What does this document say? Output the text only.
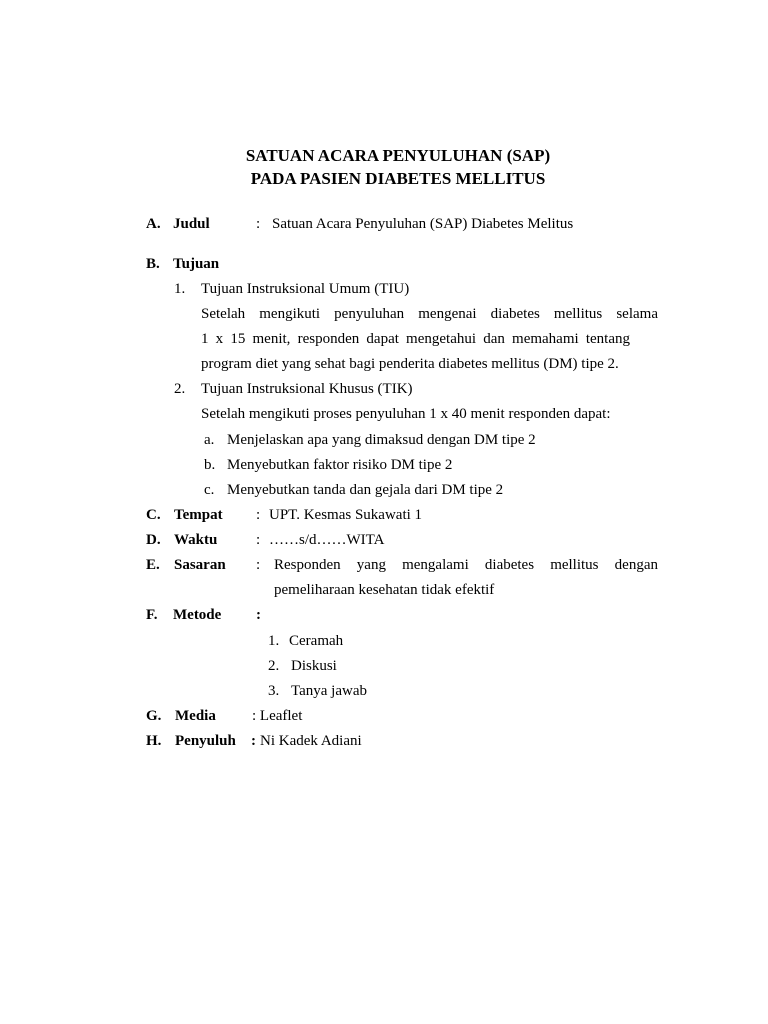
SATUAN ACARA PENYULUHAN (SAP)
PADA PASIEN DIABETES MELLITUS
A. Judul	: Satuan Acara Penyuluhan (SAP) Diabetes Melitus
B. Tujuan
1. Tujuan Instruksional Umum (TIU)
Setelah mengikuti penyuluhan mengenai diabetes mellitus selama
1 x 15 menit, responden dapat mengetahui dan memahami tentang
program diet yang sehat bagi penderita diabetes mellitus (DM) tipe 2.
2. Tujuan Instruksional Khusus (TIK)
Setelah mengikuti proses penyuluhan 1 x 40 menit responden dapat:
a. Menjelaskan apa yang dimaksud dengan DM tipe 2
b. Menyebutkan faktor risiko DM tipe 2
c. Menyebutkan tanda dan gejala dari DM tipe 2
C. Tempat : UPT. Kesmas Sukawati 1
D. Waktu	: ……s/d……WITA
E. Sasaran : Responden yang mengalami diabetes mellitus dengan
pemeliharaan kesehatan tidak efektif
F. Metode :
1. Ceramah
2. Diskusi
3. Tanya jawab
G. Media : Leaflet
H. Penyuluh : Ni Kadek Adiani
